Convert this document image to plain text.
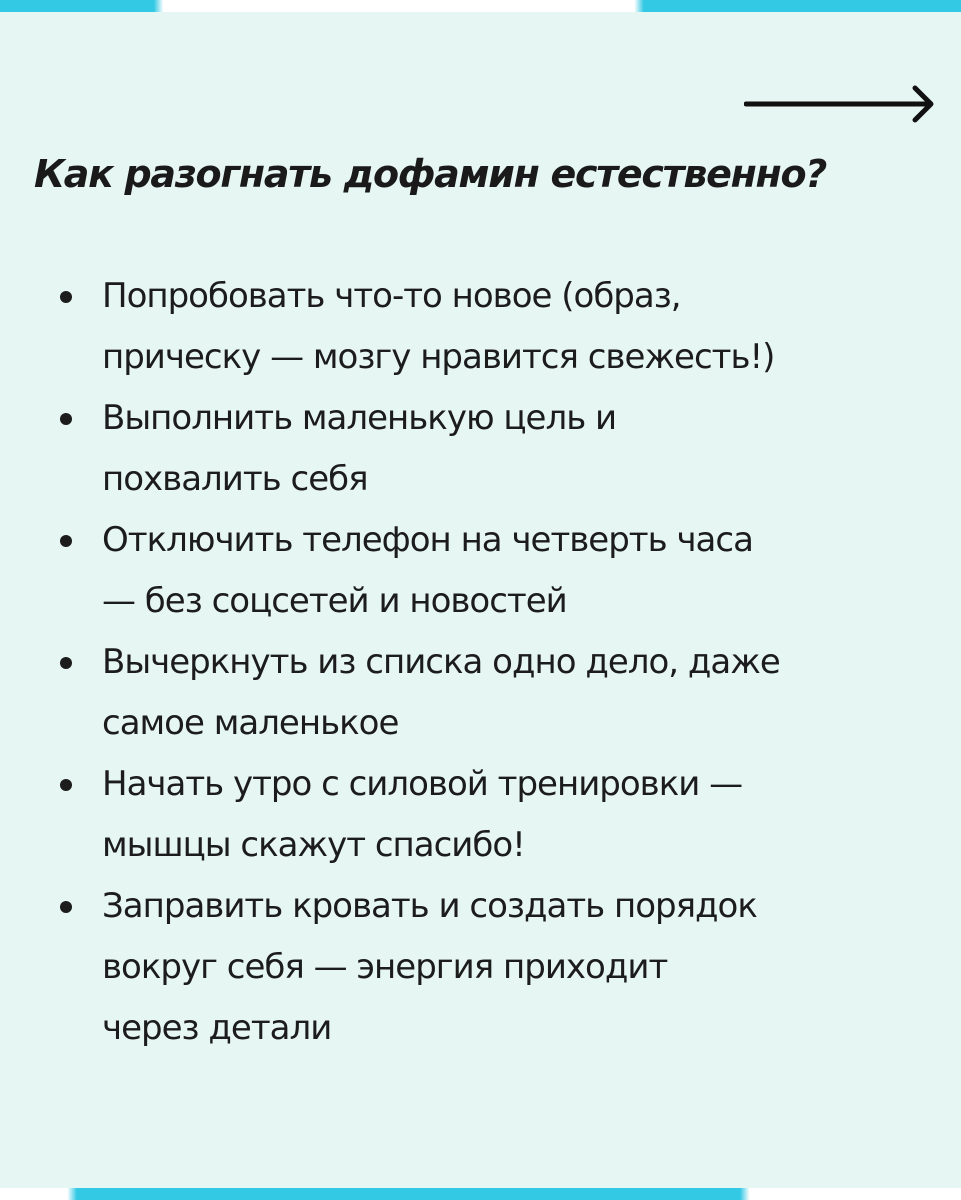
Как разогнать дофамин естественно?
Попробовать что-то новое (образ,
прическу — мозгу нравится свежесть!)
Выполнить маленькую цель и
похвалить себя
Отключить телефон на четверть часа
— без соцсетей и новостей
Вычеркнуть из списка одно дело, даже
самое маленькое
Начать утро с силовой тренировки —
мышцы скажут спасибо!
Заправить кровать и создать порядок
вокруг себя — энергия приходит
через детали
